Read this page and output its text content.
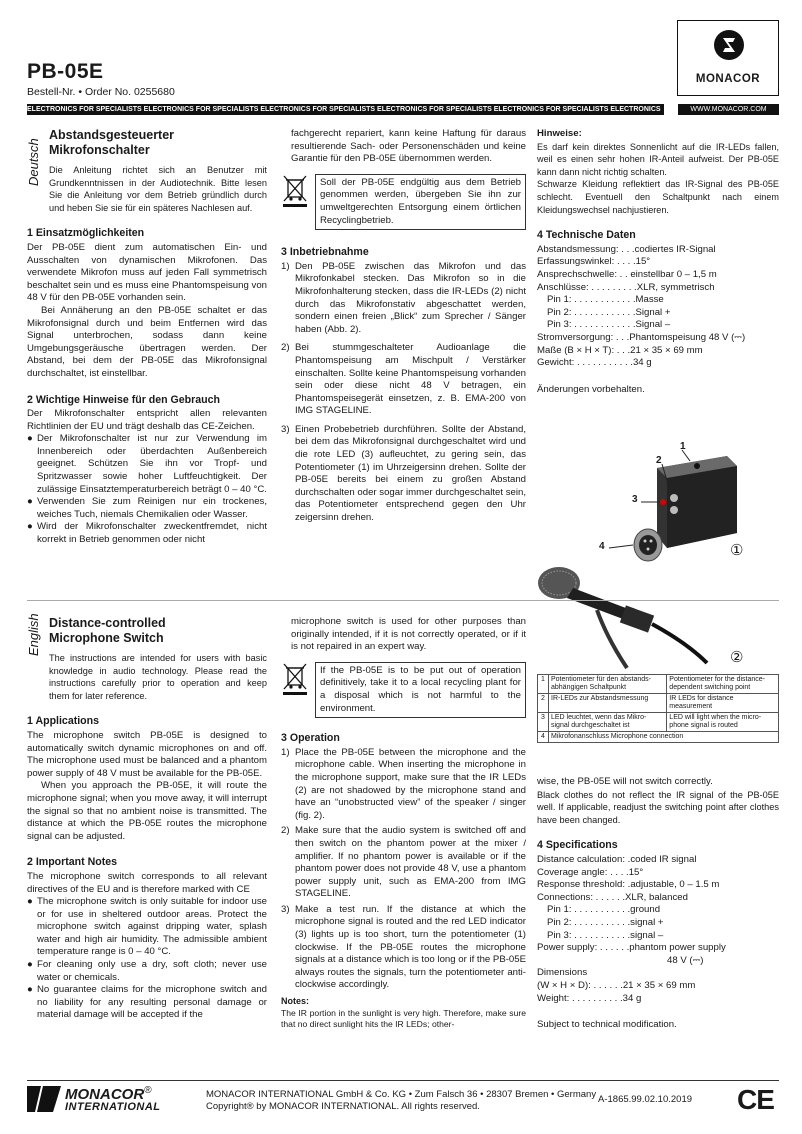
PB-05E
Bestell-Nr. • Order No. 0255680
MONACOR
ELECTRONICS FOR SPECIALISTS ELECTRONICS FOR SPECIALISTS ELECTRONICS FOR SPECIALISTS ELECTRONICS FOR SPECIALISTS ELECTRONICS FOR SPECIALISTS ELECTRONICS	WWW.MONACOR.COM
Deutsch
Abstandsgesteuerter
Mikrofonschalter

Die Anleitung richtet sich an Benutzer mit Grundkenntnissen in der Audiotechnik. Bitte lesen Sie die Anleitung vor dem Betrieb gründlich durch und heben Sie sie für ein späteres Nachlesen auf.

1 Einsatzmöglichkeiten

Der PB-05E dient zum automatischen Ein- und Ausschalten von dynamischen Mikrofonen. Das verwendete Mikrofon muss auf jeden Fall symmetrisch beschaltet sein und es muss eine Phantomspeisung von 48 V für den PB-05E vorhanden sein.

Bei Annäherung an den PB-05E schaltet er das Mikrofonsignal durch und beim Entfernen wird das Signal unterbrochen, sodass dann keine Umgebungsgeräusche übertragen werden. Der Abstand, bei dem der PB-05E das Mikrofonsignal durchschaltet, ist einstellbar.

2 Wichtige Hinweise für den Gebrauch

Der Mikrofonschalter entspricht allen relevanten Richtlinien der EU und trägt deshalb das CE-Zeichen.

● Der Mikrofonschalter ist nur zur Verwendung im Innenbereich oder überdachten Außenbereich geeignet. Schützen Sie ihn vor Tropf- und Spritzwasser sowie hoher Luftfeuchtigkeit. Der zulässige Einsatztemperaturbereich beträgt 0 – 40 °C.

● Verwenden Sie zum Reinigen nur ein trockenes, weiches Tuch, niemals Chemikalien oder Wasser.

● Wird der Mikrofonschalter zweckentfremdet, nicht korrekt in Betrieb genommen oder nicht

fachgerecht repariert, kann keine Haftung für daraus resultierende Sach- oder Personenschäden und keine Garantie für den PB-05E übernommen werden.

Soll der PB-05E endgültig aus dem Betrieb genommen werden, übergeben Sie ihn zur umweltgerechten Entsorgung einem örtlichen Recyclingbetrieb.
3 Inbetriebnahme

1) Den PB-05E zwischen das Mikrofon und das Mikrofonkabel stecken. Das Mikrofon so in die Mikrofonhalterung stecken, dass die IR-LEDs (2) nicht durch das Mikrofonstativ abgeschattet werden, sondern einen freien „Blick“ zum Sprecher / Sänger haben (Abb. 2).

2) Bei stummgeschalteter Audioanlage die Phantomspeisung am Mischpult / Verstärker einschalten. Sollte keine Phantomspeisung vorhanden sein oder diese nicht 48 V betragen, ein Phantomspeisegerät einsetzen, z. B. EMA-200 von IMG STAGELINE.

3) Einen Probebetrieb durchführen. Sollte der Abstand, bei dem das Mikrofonsignal durchgeschaltet wird und die rote LED (3) aufleuchtet, zu gering sein, das Potentiometer (1) im Uhrzeigersinn drehen. Sollte der PB-05E bereits bei einem zu großen Abstand durchschalten oder sogar immer durchgeschaltet sein, das Potentiometer entsprechend gegen den Uhr zeigersinn drehen.

Hinweise:

Es darf kein direktes Sonnenlicht auf die IR-LEDs fallen, weil es einen sehr hohen IR-Anteil aufweist. Der PB-05E kann dann nicht richtig schalten.

Schwarze Kleidung reflektiert das IR-Signal des PB-05E schlecht. Eventuell den Schaltpunkt nach einem Kleidungswechsel nachjustieren.

4 Technische Daten
Abstandsmessung: . . .codiertes IR-Signal
Erfassungswinkel: . . . .15°
Ansprechschwelle: . . einstellbar 0 – 1,5 m
Anschlüsse: . . . . . . . . .XLR, symmetrisch
Pin 1: . . . . . . . . . . . .Masse
Pin 2: . . . . . . . . . . . .Signal +
Pin 3: . . . . . . . . . . . .Signal –
Stromversorgung: . . .Phantomspeisung 48 V (⎓)
Maße (B × H × T): . . .21 × 35 × 69 mm
Gewicht: . . . . . . . . . . .34 g

Änderungen vorbehalten.

1
2
3
4	①
②
1	Potentiometer für den abstands-abhängigen Schaltpunkt	Potentiometer for the distance-dependent switching point
2	IR-LEDs zur Abstandsmessung	IR LEDs for distance measurement
3	LED leuchtet, wenn das Mikro-signal durchgeschaltet ist	LED will light when the micro-phone signal is routed
4	Mikrofonanschluss Microphone connection	
English Distance-controlled
Microphone Switch

The instructions are intended for users with basic knowledge in audio technology. Please read the instructions carefully prior to operation and keep them for later reference.

1 Applications

The microphone switch PB-05E is designed to automatically switch dynamic microphones on and off. The microphone used must be balanced and a phantom power supply of 48 V must be available for the PB-05E.

When you approach the PB-05E, it will route the microphone signal; when you move away, it will interrupt the signal so that no ambient noise is transmitted. The distance at which the PB-05E routes the microphone signal can be adjusted.

2 Important Notes

The microphone switch corresponds to all relevant directives of the EU and is therefore marked with CE

● The microphone switch is only suitable for indoor use or for use in sheltered outdoor areas. Protect the microphone switch against dripping water, splash water and high air humidity. The admissible ambient temperature range is 0 – 40 °C.

● For cleaning only use a dry, soft cloth; never use water or chemicals.

● No guarantee claims for the microphone switch and no liability for any resulting personal damage or material damage will be accepted if the

microphone switch is used for other purposes than originally intended, if it is not correctly operated, or if it is not repaired in an expert way.

If the PB-05E is to be put out of operation definitively, take it to a local recycling plant for a disposal which is not harmful to the environment.
3 Operation

1) Place the PB-05E between the microphone and the microphone cable. When inserting the microphone in the microphone support, make sure that the IR LEDs (2) are not shadowed by the microphone stand and have an “unobstructed view” of the speaker / singer (fig. 2).

2) Make sure that the audio system is switched off and then switch on the phantom power at the mixer / amplifier. If no phantom power is available or if the phantom power does not provide 48 V, use a phantom power supply unit, such as EMA-200 from IMG STAGELINE.

3) Make a test run. If the distance at which the microphone signal is routed and the red LED indicator (3) lights up is too short, turn the potentiometer (1) clockwise. If the PB-05E routes the microphone signals at a distance which is too long or if the PB-05E always routes the signals, turn the potentiometer anti-clockwise accordingly.

Notes:

The IR portion in the sunlight is very high. Therefore, make sure that no direct sunlight hits the IR LEDs; other-

wise, the PB-05E will not switch correctly.

Black clothes do not reflect the IR signal of the PB-05E well. If applicable, readjust the switching point after clothes have been changed.

4 Specifications
Distance calculation: .coded IR signal
Coverage angle: . . . .15°
Response threshold: .adjustable, 0 – 1.5 m
Connections: . . . . . .XLR, balanced
Pin 1: . . . . . . . . . . .ground
Pin 2: . . . . . . . . . . .signal +
Pin 3: . . . . . . . . . . .signal –
Power supply: . . . . . .phantom power supply
48 V (⎓)
Dimensions
(W × H × D): . . . . . .21 × 35 × 69 mm
Weight: . . . . . . . . . .34 g

Subject to technical modification.

MONACOR®
INTERNATIONAL
MONACOR INTERNATIONAL GmbH & Co. KG • Zum Falsch 36 • 28307 Bremen • Germany
Copyright® by MONACOR INTERNATIONAL. All rights reserved.
A-1865.99.02.10.2019 CE
